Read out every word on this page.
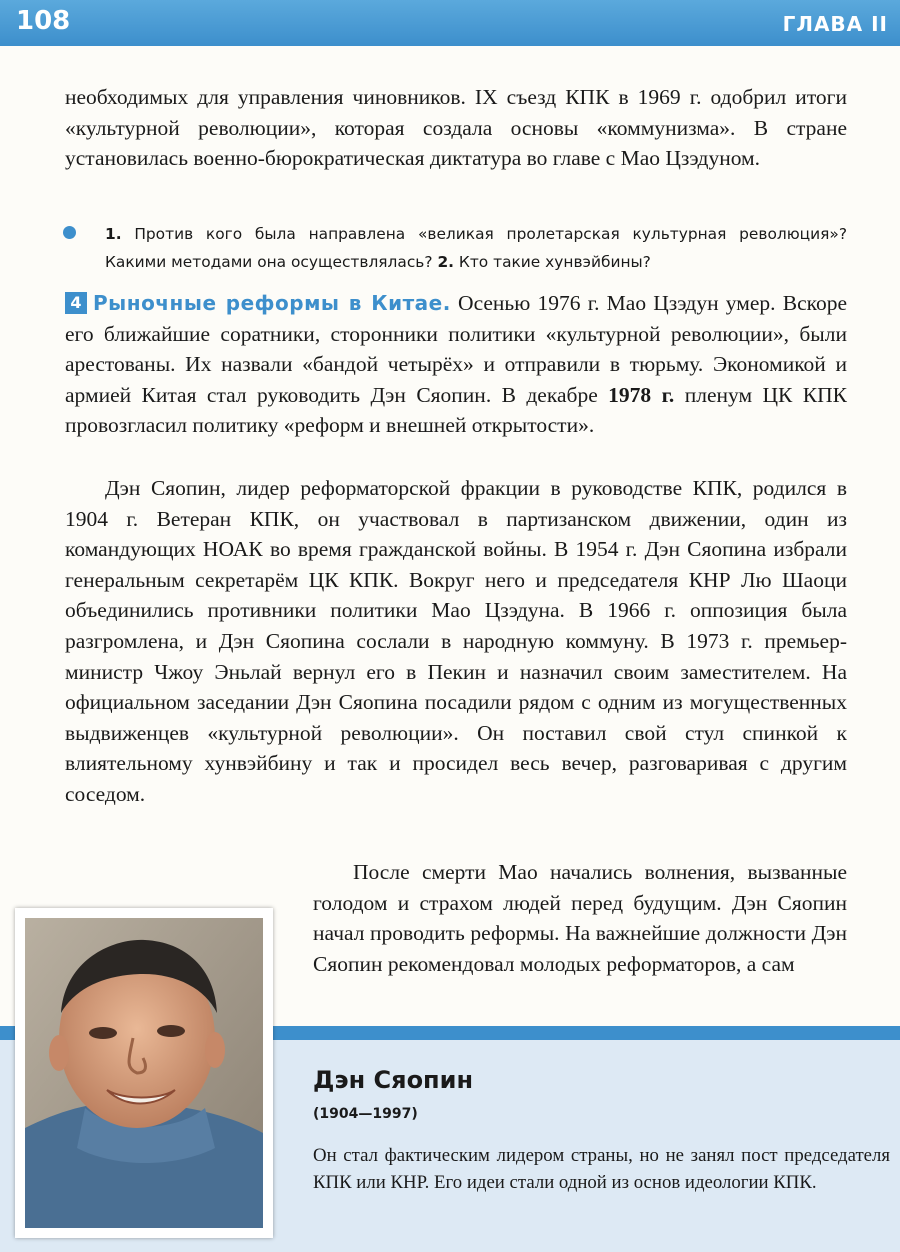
108	ГЛАВА II

необходимых для управления чиновников. IX съезд КПК в 1969 г. одобрил итоги «культурной революции», которая создала основы «коммунизма». В стране установилась военно-бюрократическая диктатура во главе с Мао Цзэдуном.

1. Против кого была направлена «великая пролетарская культурная революция»? Какими методами она осуществлялась? 2. Кто такие хунвэйбины?

4 Рыночные реформы в Китае. Осенью 1976 г. Мао Цзэдун умер. Вскоре его ближайшие соратники, сторонники политики «культурной революции», были арестованы. Их назвали «бандой четырёх» и отправили в тюрьму. Экономикой и армией Китая стал руководить Дэн Сяопин. В декабре 1978 г. пленум ЦК КПК провозгласил политику «реформ и внешней открытости».

Дэн Сяопин, лидер реформаторской фракции в руководстве КПК, родился в 1904 г. Ветеран КПК, он участвовал в партизанском движении, один из командующих НОАК во время гражданской войны. В 1954 г. Дэн Сяопина избрали генеральным секретарём ЦК КПК. Вокруг него и председателя КНР Лю Шаоци объединились противники политики Мао Цзэдуна. В 1966 г. оппозиция была разгромлена, и Дэн Сяопина сослали в народную коммуну. В 1973 г. премьер-министр Чжоу Эньлай вернул его в Пекин и назначил своим заместителем. На официальном заседании Дэн Сяопина посадили рядом с одним из могущественных выдвиженцев «культурной революции». Он поставил свой стул спинкой к влиятельному хунвэйбину и так и просидел весь вечер, разговаривая с другим соседом.

После смерти Мао начались волнения, вызванные голодом и страхом людей перед будущим. Дэн Сяопин начал проводить реформы. На важнейшие должности Дэн Сяопин рекомендовал молодых реформаторов, а сам

Дэн Сяопин
(1904—1997)

Он стал фактическим лидером страны, но не занял пост председателя КПК или КНР. Его идеи стали одной из основ идеологии КПК.
